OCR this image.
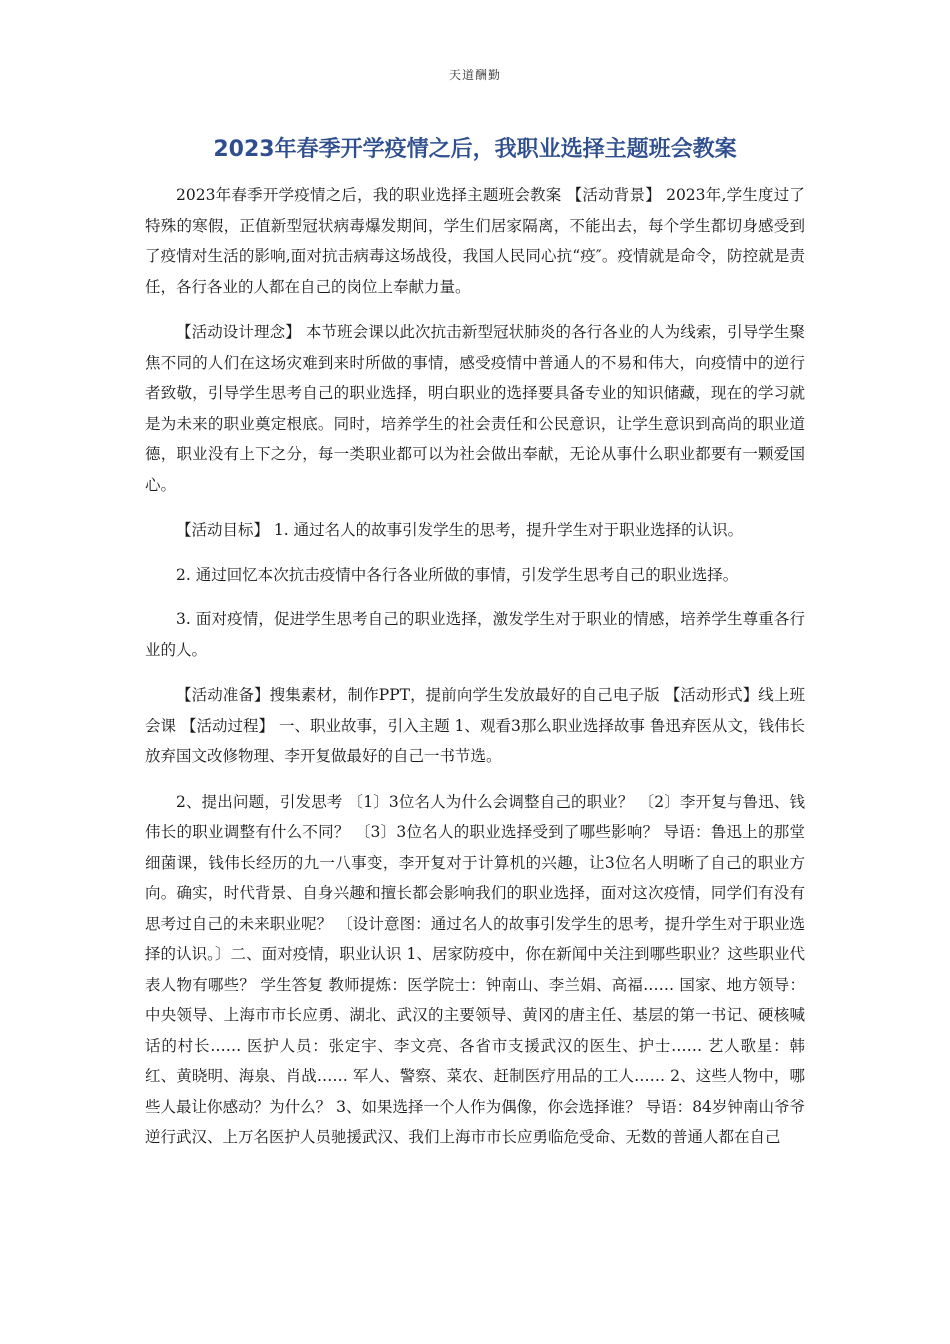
天道酬勤
2023年春季开学疫情之后，我职业选择主题班会教案

2023年春季开学疫情之后，我的职业选择主题班会教案 【活动背景】 2023年,学生度过了特殊的寒假，正值新型冠状病毒爆发期间，学生们居家隔离，不能出去，每个学生都切身感受到了疫情对生活的影响,面对抗击病毒这场战役，我国人民同心抗“疫″。疫情就是命令，防控就是责任，各行各业的人都在自己的岗位上奉献力量。

【活动设计理念】 本节班会课以此次抗击新型冠状肺炎的各行各业的人为线索，引导学生聚焦不同的人们在这场灾难到来时所做的事情，感受疫情中普通人的不易和伟大，向疫情中的逆行者致敬，引导学生思考自己的职业选择，明白职业的选择要具备专业的知识储藏，现在的学习就是为未来的职业奠定根底。同时，培养学生的社会责任和公民意识，让学生意识到高尚的职业道德，职业没有上下之分，每一类职业都可以为社会做出奉献，无论从事什么职业都要有一颗爱国心。

【活动目标】 1. 通过名人的故事引发学生的思考，提升学生对于职业选择的认识。

2. 通过回忆本次抗击疫情中各行各业所做的事情，引发学生思考自己的职业选择。

3. 面对疫情，促进学生思考自己的职业选择，激发学生对于职业的情感，培养学生尊重各行业的人。

【活动准备】搜集素材，制作PPT，提前向学生发放最好的自己电子版 【活动形式】线上班会课 【活动过程】 一、职业故事，引入主题 1、观看3那么职业选择故事 鲁迅弃医从文，钱伟长放弃国文改修物理、李开复做最好的自己一书节选。

2、提出问题，引发思考 〔1〕3位名人为什么会调整自己的职业？ 〔2〕李开复与鲁迅、钱伟长的职业调整有什么不同？ 〔3〕3位名人的职业选择受到了哪些影响？ 导语：鲁迅上的那堂细菌课，钱伟长经历的九一八事变，李开复对于计算机的兴趣，让3位名人明晰了自己的职业方向。确实，时代背景、自身兴趣和擅长都会影响我们的职业选择，面对这次疫情，同学们有没有思考过自己的未来职业呢？ 〔设计意图：通过名人的故事引发学生的思考，提升学生对于职业选择的认识。〕二、面对疫情，职业认识 1、居家防疫中，你在新闻中关注到哪些职业？这些职业代表人物有哪些？ 学生答复 教师提炼：医学院士：钟南山、李兰娟、高福…… 国家、地方领导：中央领导、上海市市长应勇、湖北、武汉的主要领导、黄冈的唐主任、基层的第一书记、硬核喊话的村长…… 医护人员：张定宇、李文亮、各省市支援武汉的医生、护士…… 艺人歌星：韩红、黄晓明、海泉、肖战…… 军人、警察、菜农、赶制医疗用品的工人…… 2、这些人物中，哪些人最让你感动？为什么？ 3、如果选择一个人作为偶像，你会选择谁？ 导语：84岁钟南山爷爷逆行武汉、上万名医护人员驰援武汉、我们上海市市长应勇临危受命、无数的普通人都在自己
